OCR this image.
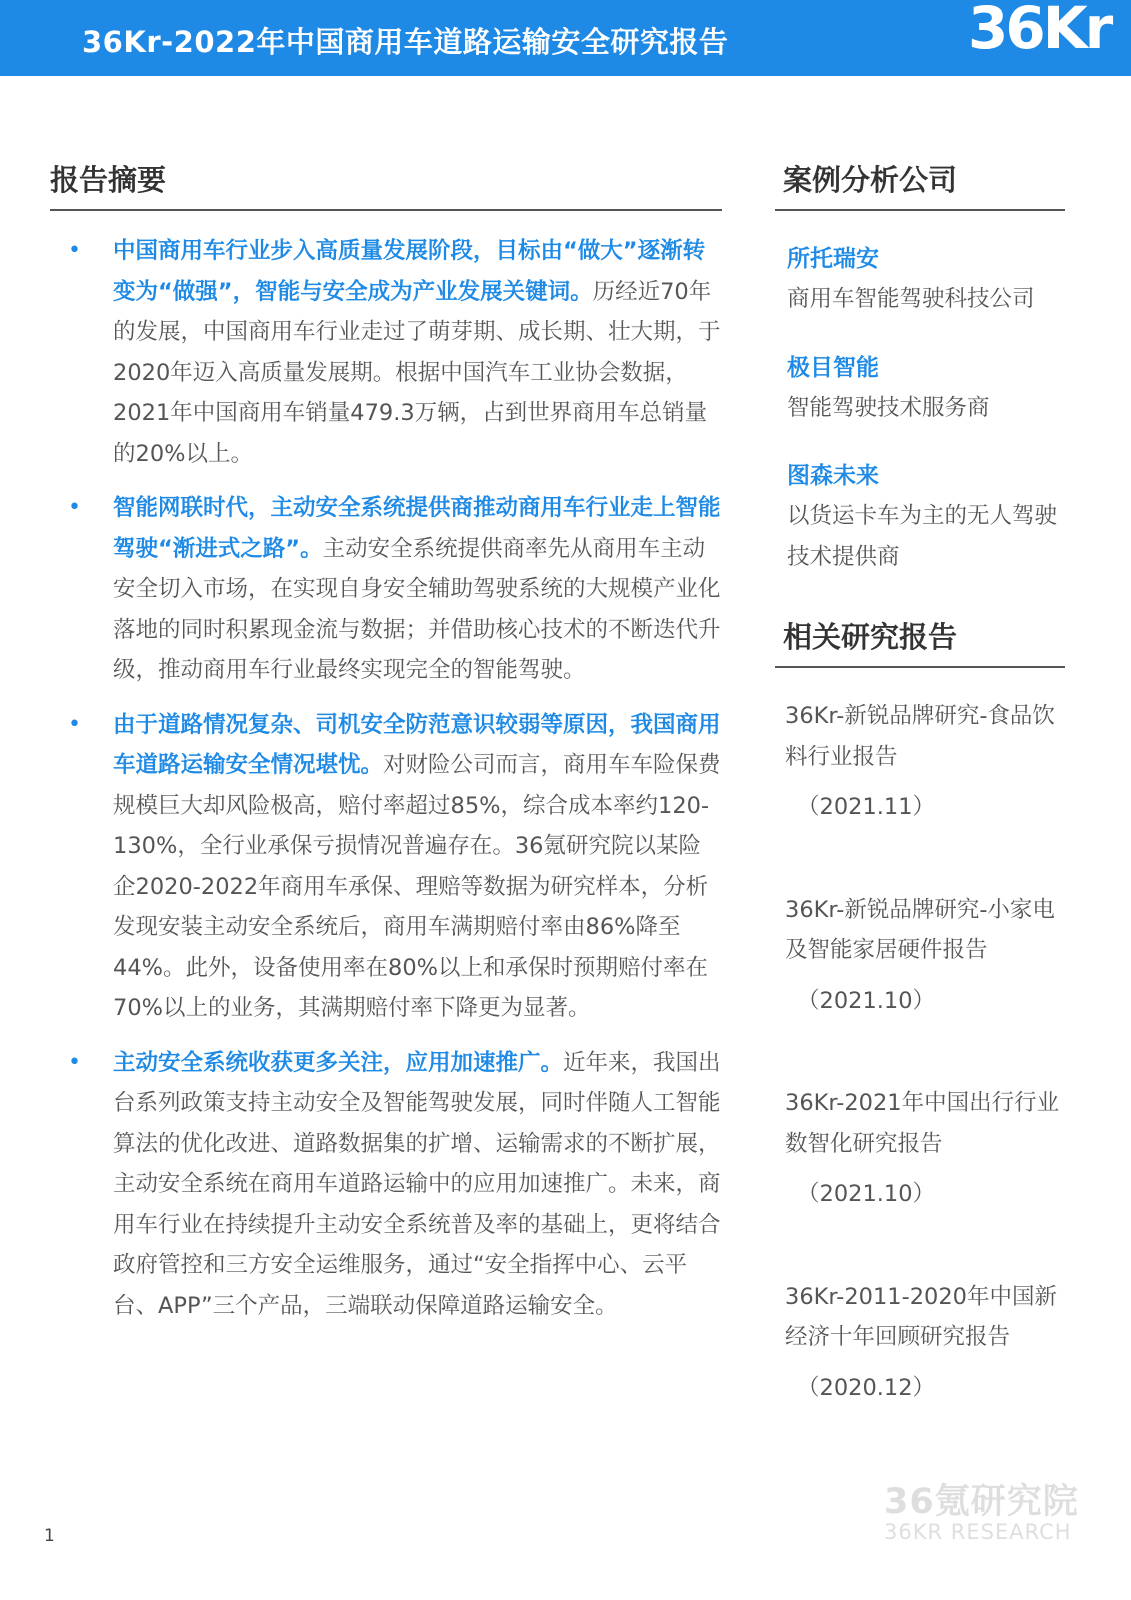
36Kr-2022年中国商用车道路运输安全研究报告	36Kr
报告摘要
• 中国商用车行业步入高质量发展阶段，目标由“做大”逐渐转变为“做强”，智能与安全成为产业发展关键词。历经近70年的发展，中国商用车行业走过了萌芽期、成长期、壮大期，于2020年迈入高质量发展期。根据中国汽车工业协会数据，2021年中国商用车销量479.3万辆，占到世界商用车总销量的20%以上。
• 智能网联时代，主动安全系统提供商推动商用车行业走上智能驾驶“渐进式之路”。主动安全系统提供商率先从商用车主动安全切入市场，在实现自身安全辅助驾驶系统的大规模产业化落地的同时积累现金流与数据；并借助核心技术的不断迭代升级，推动商用车行业最终实现完全的智能驾驶。
• 由于道路情况复杂、司机安全防范意识较弱等原因，我国商用车道路运输安全情况堪忧。对财险公司而言，商用车车险保费规模巨大却风险极高，赔付率超过85%，综合成本率约120-130%，全行业承保亏损情况普遍存在。36氪研究院以某险企2020-2022年商用车承保、理赔等数据为研究样本，分析发现安装主动安全系统后，商用车满期赔付率由86%降至44%。此外，设备使用率在80%以上和承保时预期赔付率在70%以上的业务，其满期赔付率下降更为显著。
• 主动安全系统收获更多关注，应用加速推广。近年来，我国出台系列政策支持主动安全及智能驾驶发展，同时伴随人工智能算法的优化改进、道路数据集的扩增、运输需求的不断扩展，主动安全系统在商用车道路运输中的应用加速推广。未来，商用车行业在持续提升主动安全系统普及率的基础上，更将结合政府管控和三方安全运维服务，通过“安全指挥中心、云平台、APP”三个产品，三端联动保障道路运输安全。
案例分析公司
所托瑞安
商用车智能驾驶科技公司
极目智能
智能驾驶技术服务商
图森未来
以货运卡车为主的无人驾驶技术提供商
相关研究报告
36Kr-新锐品牌研究-食品饮料行业报告
（2021.11）
36Kr-新锐品牌研究-小家电及智能家居硬件报告
（2021.10）
36Kr-2021年中国出行行业数智化研究报告
（2021.10）
36Kr-2011-2020年中国新经济十年回顾研究报告
（2020.12）
1
36氪研究院
36KR RESEARCH
